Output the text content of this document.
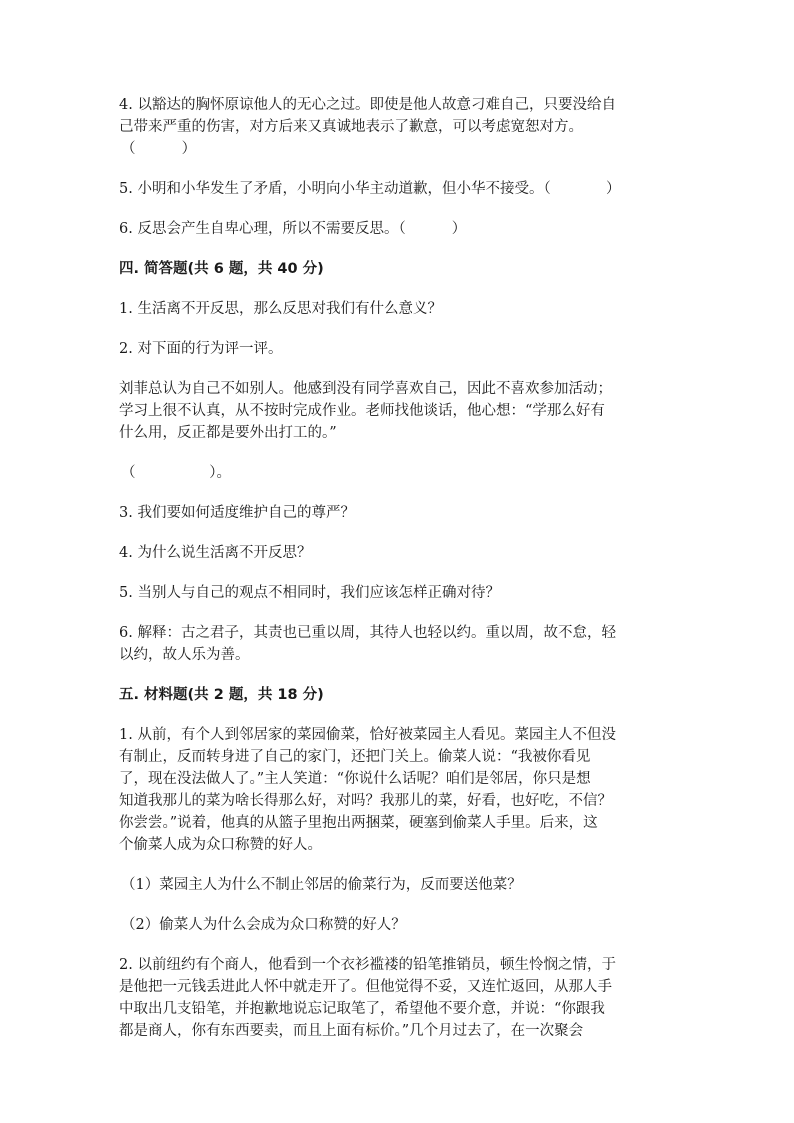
4. 以豁达的胸怀原谅他人的无心之过。即使是他人故意刁难自己，只要没给自

己带来严重的伤害，对方后来又真诚地表示了歉意，可以考虑宽恕对方。

（          ）

5. 小明和小华发生了矛盾，小明向小华主动道歉，但小华不接受。（            ）

6. 反思会产生自卑心理，所以不需要反思。（          ）

四. 简答题(共 6 题，共 40 分)

1. 生活离不开反思，那么反思对我们有什么意义？

2. 对下面的行为评一评。

刘菲总认为自己不如别人。他感到没有同学喜欢自己，因此不喜欢参加活动；

学习上很不认真，从不按时完成作业。老师找他谈话，他心想：“学那么好有

什么用，反正都是要外出打工的。”

（                ）。

3. 我们要如何适度维护自己的尊严？

4. 为什么说生活离不开反思？

5. 当别人与自己的观点不相同时，我们应该怎样正确对待？

6. 解释：古之君子，其责也已重以周，其待人也轻以约。重以周，故不怠，轻

以约，故人乐为善。

五. 材料题(共 2 题，共 18 分)

1. 从前，有个人到邻居家的菜园偷菜，恰好被菜园主人看见。菜园主人不但没

有制止，反而转身进了自己的家门，还把门关上。偷菜人说：“我被你看见

了，现在没法做人了。”主人笑道：“你说什么话呢？咱们是邻居，你只是想

知道我那儿的菜为啥长得那么好，对吗？我那儿的菜，好看，也好吃，不信？

你尝尝。”说着，他真的从篮子里抱出两捆菜，硬塞到偷菜人手里。后来，这

个偷菜人成为众口称赞的好人。

（1）菜园主人为什么不制止邻居的偷菜行为，反而要送他菜？

（2）偷菜人为什么会成为众口称赞的好人？

2. 以前纽约有个商人，他看到一个衣衫褴褛的铅笔推销员，顿生怜悯之情，于

是他把一元钱丢进此人怀中就走开了。但他觉得不妥，又连忙返回，从那人手

中取出几支铅笔，并抱歉地说忘记取笔了，希望他不要介意，并说：“你跟我

都是商人，你有东西要卖，而且上面有标价。”几个月过去了，在一次聚会
